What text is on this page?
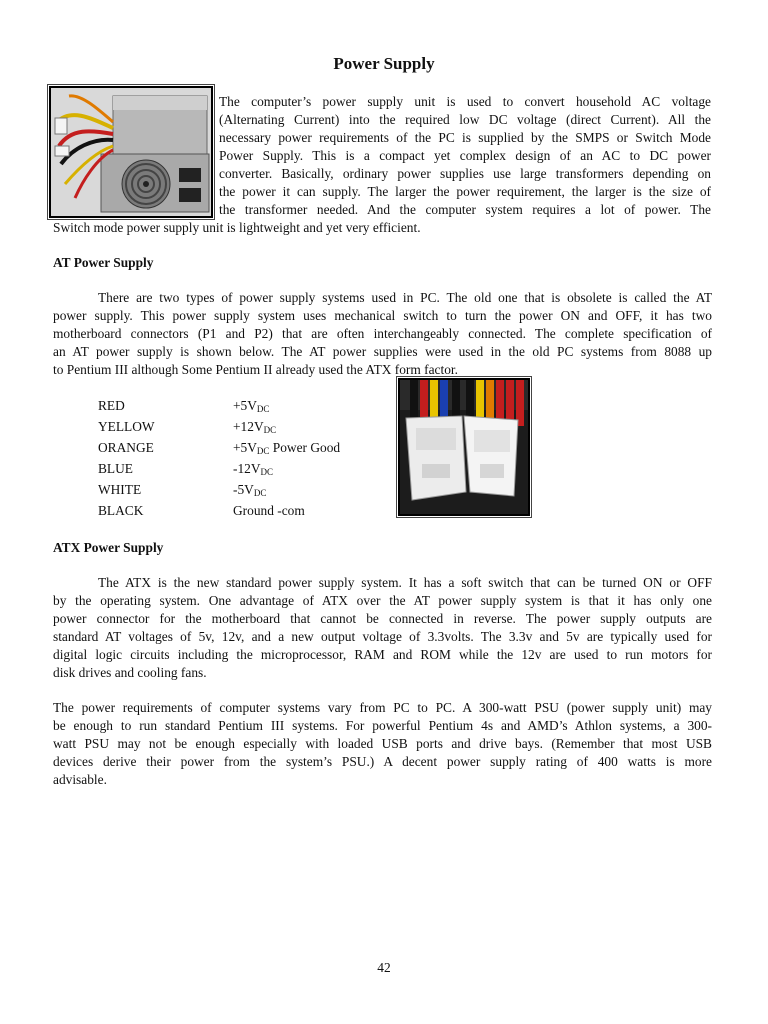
Power Supply
The computer’s power supply unit is used to convert household AC voltage
(Alternating Current) into the required low DC voltage (direct Current). All the
necessary power requirements of the PC is supplied by the SMPS or Switch Mode
Power Supply. This is a compact yet complex design of an AC to DC power
converter. Basically, ordinary power supplies use large transformers depending on
the power it can supply. The larger the power requirement, the larger is the size of
the transformer needed. And the computer system requires a lot of power. The
Switch mode power supply unit is lightweight and yet very efficient.
AT Power Supply
There are two types of power supply systems used in PC. The old one that is obsolete is called the AT
power supply. This power supply system uses mechanical switch to turn the power ON and OFF, it has two
motherboard connectors (P1 and P2) that are often interchangeably connected. The complete specification of
an AT power supply is shown below. The AT power supplies were used in the old PC systems from 8088 up
to Pentium III although Some Pentium II already used the ATX form factor.
RED	$+5V_{DC}$
YELLOW	$+12V_{DC}$
ORANGE	$+5V_{DC}$ Power Good
BLUE	$-12V_{DC}$
WHITE	$-5V_{DC}$
BLACK	Ground -com
ATX Power Supply
The ATX is the new standard power supply system. It has a soft switch that can be turned ON or OFF
by the operating system. One advantage of ATX over the AT power supply system is that it has only one
power connector for the motherboard that cannot be connected in reverse. The power supply outputs are
standard AT voltages of 5v, 12v, and a new output voltage of 3.3volts. The 3.3v and 5v are typically used for
digital logic circuits including the microprocessor, RAM and ROM while the 12v are used to run motors for
disk drives and cooling fans.
The power requirements of computer systems vary from PC to PC. A 300-watt PSU (power supply unit) may
be enough to run standard Pentium III systems. For powerful Pentium 4s and AMD’s Athlon systems, a 300-
watt PSU may not be enough especially with loaded USB ports and drive bays. (Remember that most USB
devices derive their power from the system’s PSU.) A decent power supply rating of 400 watts is more
advisable.
42
